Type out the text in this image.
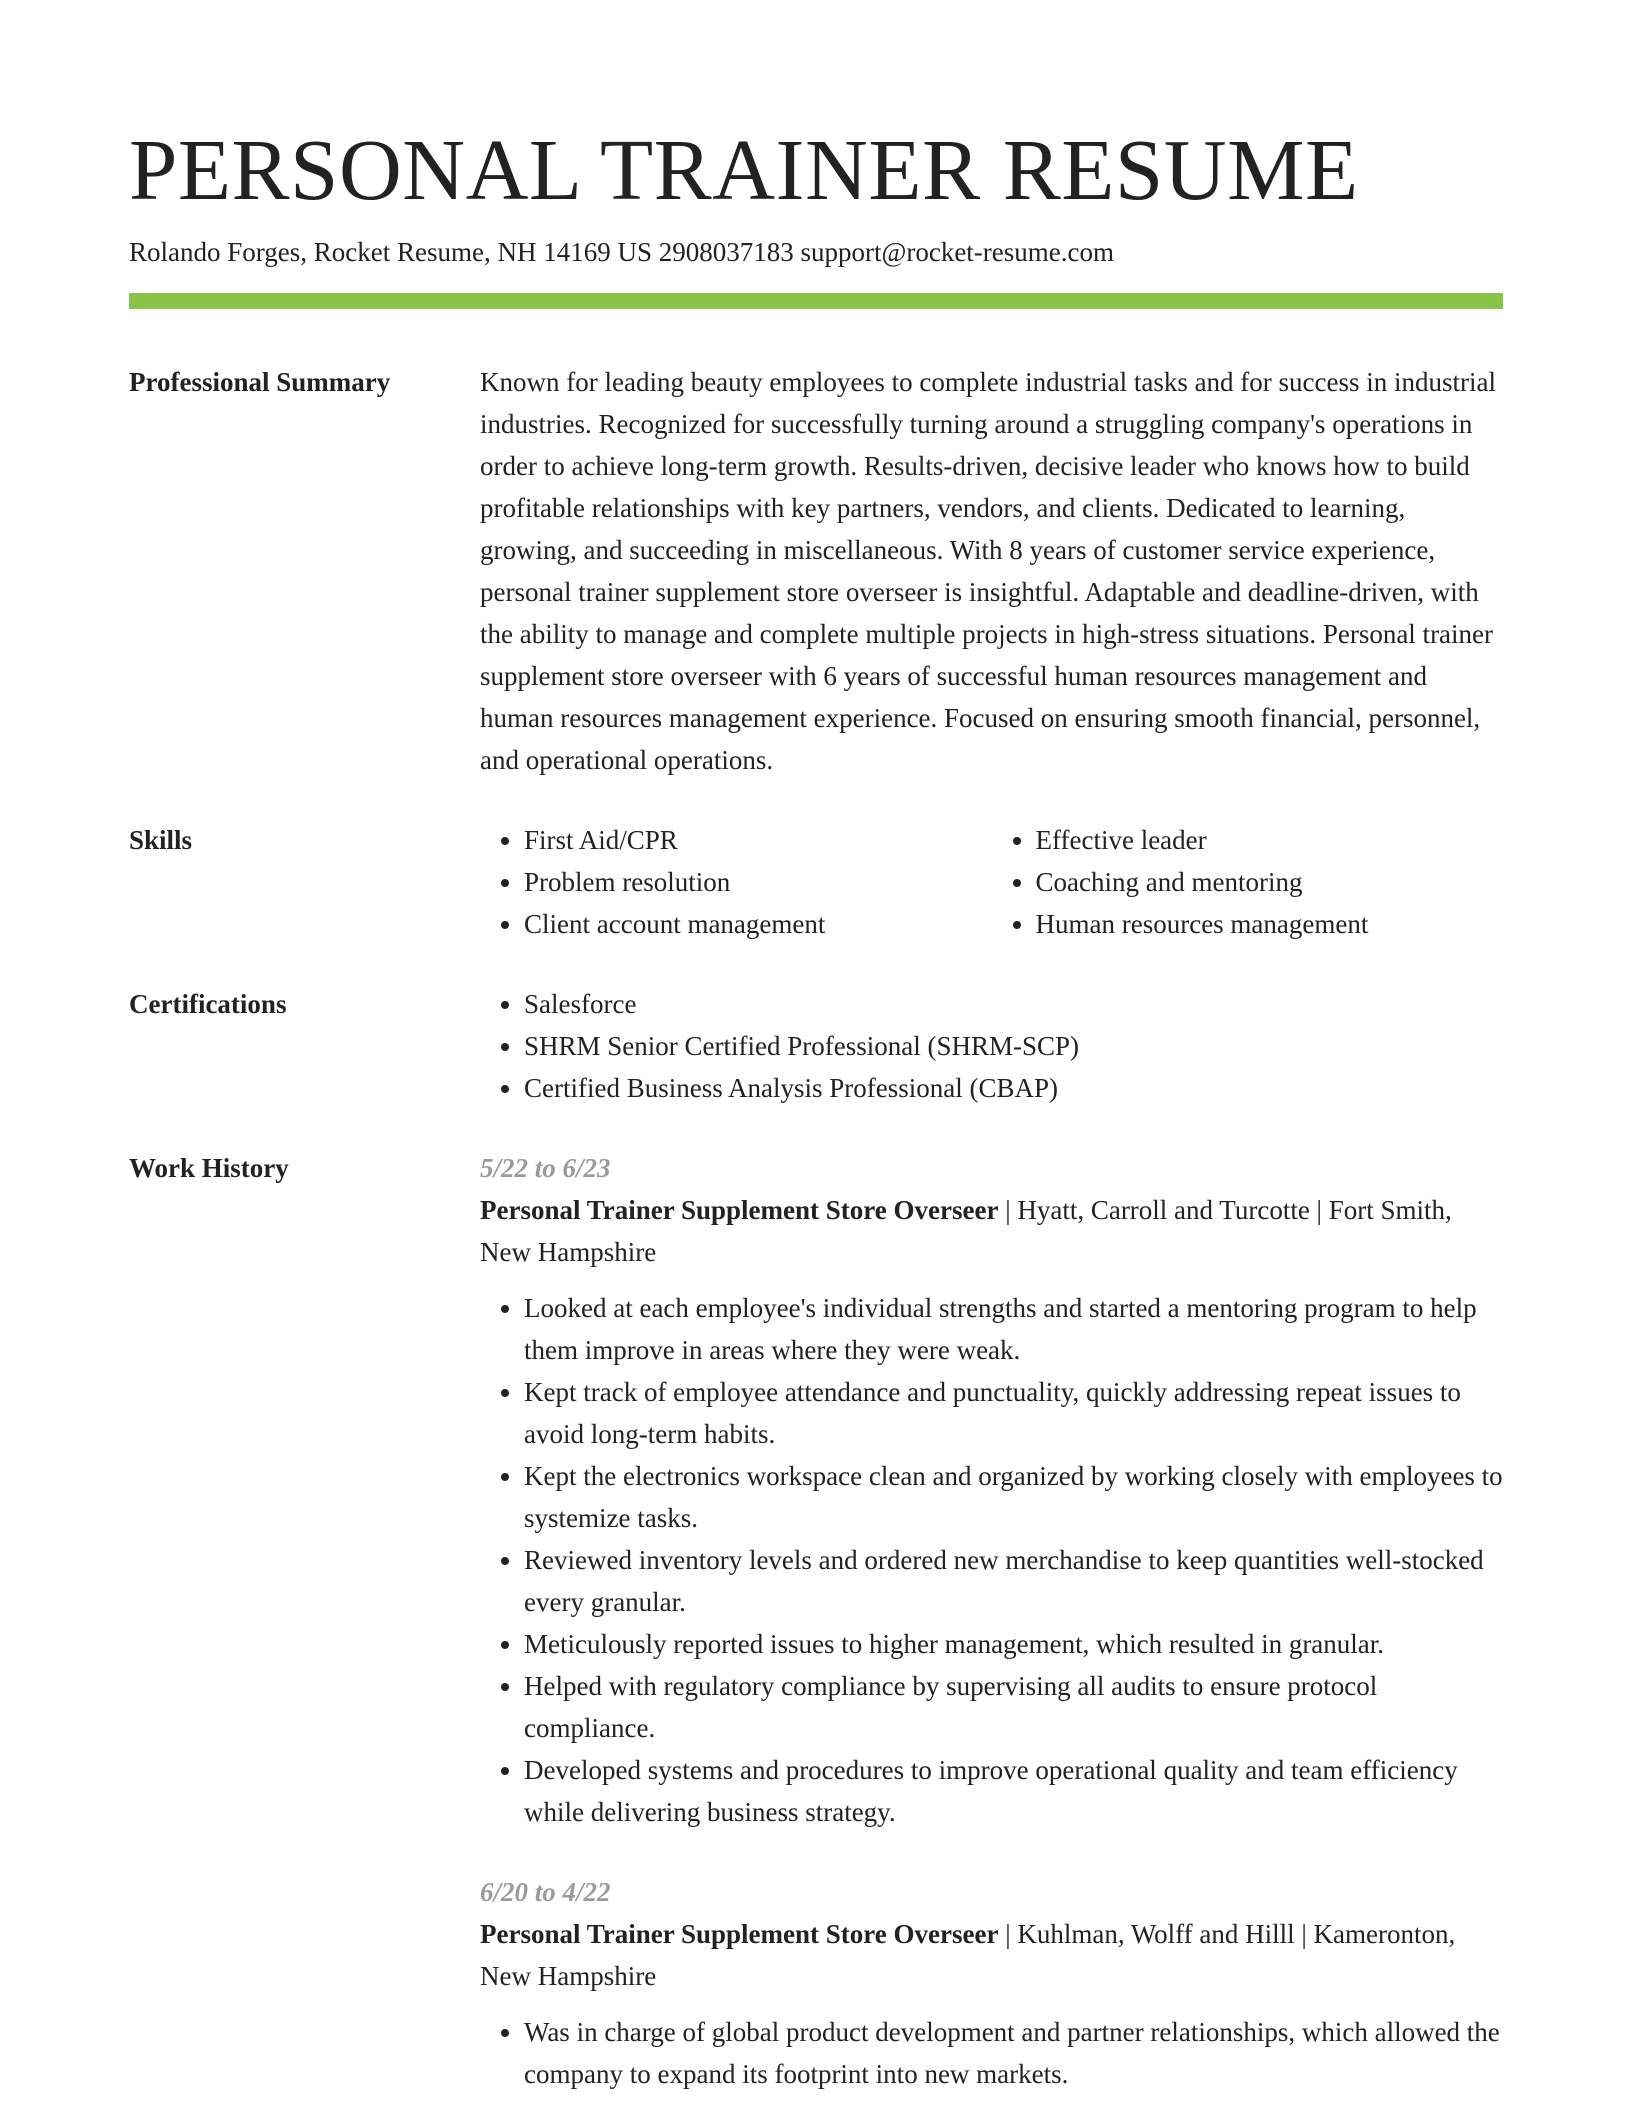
PERSONAL TRAINER RESUME
Rolando Forges, Rocket Resume, NH 14169 US 2908037183 support@rocket-resume.com
Professional Summary	Known for leading beauty employees to complete industrial tasks and for success in industrial industries. Recognized for successfully turning around a struggling company's operations in order to achieve long-term growth. Results-driven, decisive leader who knows how to build profitable relationships with key partners, vendors, and clients. Dedicated to learning, growing, and succeeding in miscellaneous. With 8 years of customer service experience, personal trainer supplement store overseer is insightful. Adaptable and deadline-driven, with the ability to manage and complete multiple projects in high-stress situations. Personal trainer supplement store overseer with 6 years of successful human resources management and human resources management experience. Focused on ensuring smooth financial, personnel, and operational operations.

Skills	• First Aid/CPR
• Problem resolution
• Client account management
• Effective leader
• Coaching and mentoring
• Human resources management
Certifications	• Salesforce
• SHRM Senior Certified Professional (SHRM-SCP)
• Certified Business Analysis Professional (CBAP)
Work History	5/22 to 6/23

Personal Trainer Supplement Store Overseer | Hyatt, Carroll and Turcotte | Fort Smith, New Hampshire

• Looked at each employee's individual strengths and started a mentoring program to help them improve in areas where they were weak.
• Kept track of employee attendance and punctuality, quickly addressing repeat issues to avoid long-term habits.
• Kept the electronics workspace clean and organized by working closely with employees to systemize tasks.
• Reviewed inventory levels and ordered new merchandise to keep quantities well-stocked every granular.
• Meticulously reported issues to higher management, which resulted in granular.
• Helped with regulatory compliance by supervising all audits to ensure protocol compliance.
• Developed systems and procedures to improve operational quality and team efficiency while delivering business strategy.
6/20 to 4/22

Personal Trainer Supplement Store Overseer | Kuhlman, Wolff and Hilll | Kameronton, New Hampshire

• Was in charge of global product development and partner relationships, which allowed the company to expand its footprint into new markets.
